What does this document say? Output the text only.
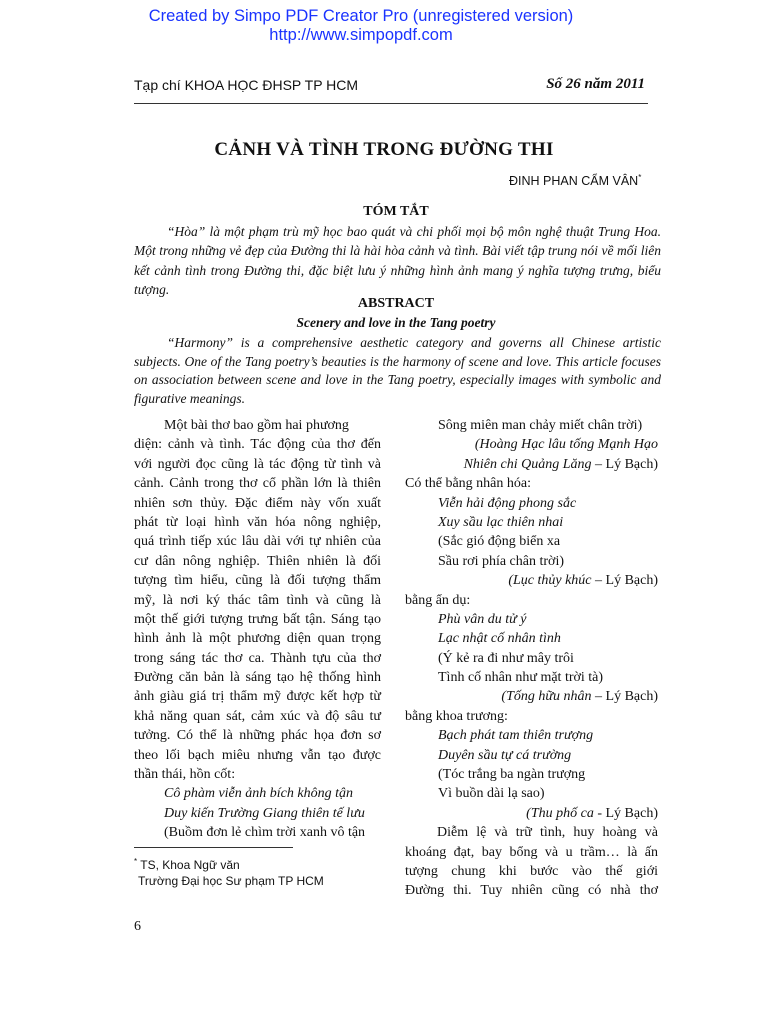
Created by Simpo PDF Creator Pro (unregistered version)
http://www.simpopdf.com
Tạp chí KHOA HỌC ĐHSP TP HCM	Số 26 năm 2011
CẢNH VÀ TÌNH TRONG ĐƯỜNG THI
ĐINH PHAN CẨM VÂN*
TÓM TẮT

“Hòa” là một phạm trù mỹ học bao quát và chi phối mọi bộ môn nghệ thuật Trung Hoa. Một trong những vẻ đẹp của Đường thi là hài hòa cảnh và tình. Bài viết tập trung nói về mối liên kết cảnh tình trong Đường thi, đặc biệt lưu ý những hình ảnh mang ý nghĩa tượng trưng, biểu tượng.

ABSTRACT
Scenery and love in the Tang poetry

“Harmony” is a comprehensive aesthetic category and governs all Chinese artistic subjects. One of the Tang poetry’s beauties is the harmony of scene and love. This article focuses on association between scene and love in the Tang poetry, especially images with symbolic and figurative meanings.

Một bài thơ bao gồm hai phương
diện: cảnh và tình. Tác động của thơ đến
với người đọc cũng là tác động từ tình và
cảnh. Cảnh trong thơ cổ phần lớn là thiên
nhiên sơn thủy. Đặc điểm này vốn xuất
phát từ loại hình văn hóa nông nghiệp,
quá trình tiếp xúc lâu dài với tự nhiên của
cư dân nông nghiệp. Thiên nhiên là đối
tượng tìm hiểu, cũng là đối tượng thẩm
mỹ, là nơi ký thác tâm tình và cũng là
một thế giới tượng trưng bất tận. Sáng tạo
hình ảnh là một phương diện quan trọng
trong sáng tác thơ ca. Thành tựu của thơ
Đường căn bản là sáng tạo hệ thống hình
ảnh giàu giá trị thẩm mỹ được kết hợp từ
khả năng quan sát, cảm xúc và độ sâu tư
tưởng. Có thể là những phác họa đơn sơ
theo lối bạch miêu nhưng vẫn tạo được
thần thái, hồn cốt:
Cô phàm viễn ảnh bích không tận
Duy kiến Trường Giang thiên tế lưu
(Buồm đơn lẻ chìm trời xanh vô tận
Sông miên man chảy miết chân trời)
(Hoàng Hạc lâu tống Mạnh Hạo
Nhiên chi Quảng Lăng – Lý Bạch)
Có thể bằng nhân hóa:
Viễn hải động phong sắc
Xuy sầu lạc thiên nhai
(Sắc gió động biển xa
Sầu rơi phía chân trời)
(Lục thủy khúc – Lý Bạch)
bằng ẩn dụ:
Phù vân du tử ý
Lạc nhật cố nhân tình
(Ý kẻ ra đi như mây trôi
Tình cố nhân như mặt trời tà)
(Tống hữu nhân – Lý Bạch)
bằng khoa trương:
Bạch phát tam thiên trượng
Duyên sầu tự cá trường
(Tóc trắng ba ngàn trượng
Vì buồn dài lạ sao)
(Thu phố ca - Lý Bạch)
Diễm lệ và trữ tình, huy hoàng và
khoáng đạt, bay bổng và u trầm… là ấn
tượng chung khi bước vào thế giới
Đường thi. Tuy nhiên cũng có nhà thơ
* TS, Khoa Ngữ văn
Trường Đại học Sư phạm TP HCM
6
